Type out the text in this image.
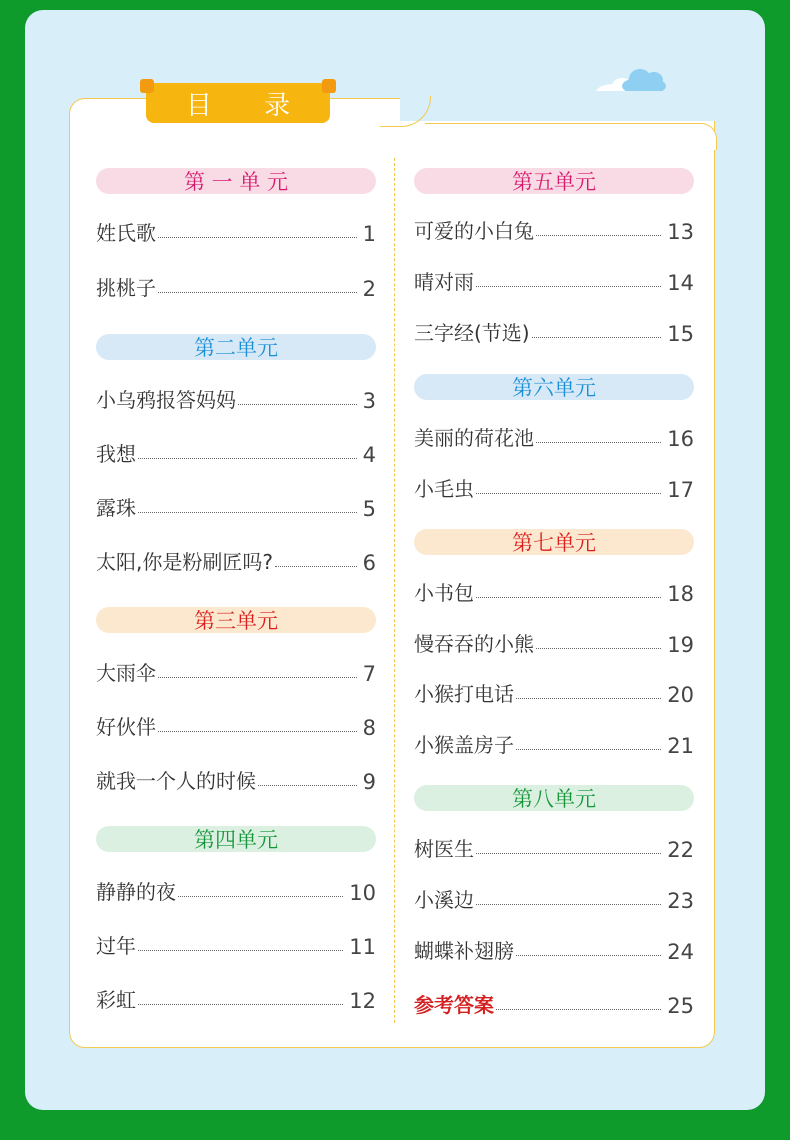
目 录
第 一 单 元
姓氏歌	1
挑桃子	2
第二单元
小乌鸦报答妈妈	3
我想	4
露珠	5
太阳,你是粉刷匠吗?	6
第三单元
大雨伞	7
好伙伴	8
就我一个人的时候	9
第四单元
静静的夜	10
过年	11
彩虹	12
第五单元
可爱的小白兔	13
晴对雨	14
三字经(节选)	15
第六单元
美丽的荷花池	16
小毛虫	17
第七单元
小书包	18
慢吞吞的小熊	19
小猴打电话	20
小猴盖房子	21
第八单元
树医生	22
小溪边	23
蝴蝶补翅膀	24
参考答案	25
